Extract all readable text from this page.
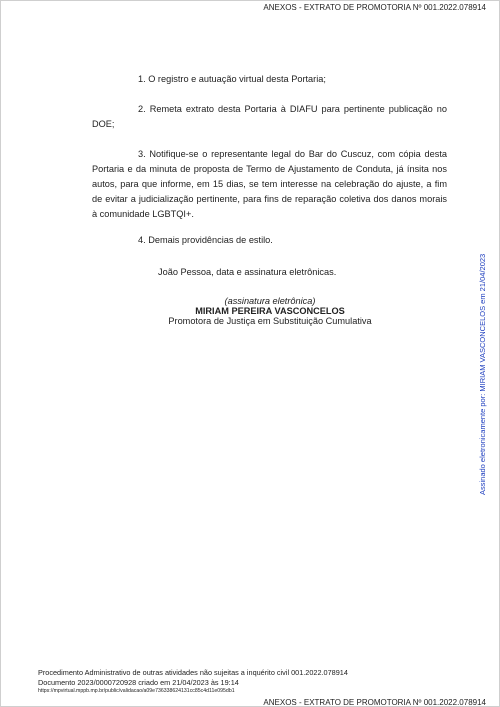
ANEXOS - EXTRATO DE PROMOTORIA Nº 001.2022.078914

1. O registro e autuação virtual desta Portaria;

2. Remeta extrato desta Portaria à DIAFU para pertinente publicação no DOE;

3. Notifique-se o representante legal do Bar do Cuscuz, com cópia desta Portaria e da minuta de proposta de Termo de Ajustamento de Conduta, já ínsita nos autos, para que informe, em 15 dias, se tem interesse na celebração do ajuste, a fim de evitar a judicialização pertinente, para fins de reparação coletiva dos danos morais à comunidade LGBTQI+.

4. Demais providências de estilo.

João Pessoa, data e assinatura eletrônicas.

(assinatura eletrônica)
MIRIAM PEREIRA VASCONCELOS
Promotora de Justiça em Substituição Cumulativa	Assinado eletronicamente por: MIRIAM VASCONCELOS em 21/04/2023
Procedimento Administrativo de outras atividades não sujeitas a inquérito civil 001.2022.078914
Documento 2023/0000720928 criado em 21/04/2023 às 19:14
https://mpvirtual.mppb.mp.br/public/validacao/a09e736338624131cc85c4d11e095db1
ANEXOS - EXTRATO DE PROMOTORIA Nº 001.2022.078914
